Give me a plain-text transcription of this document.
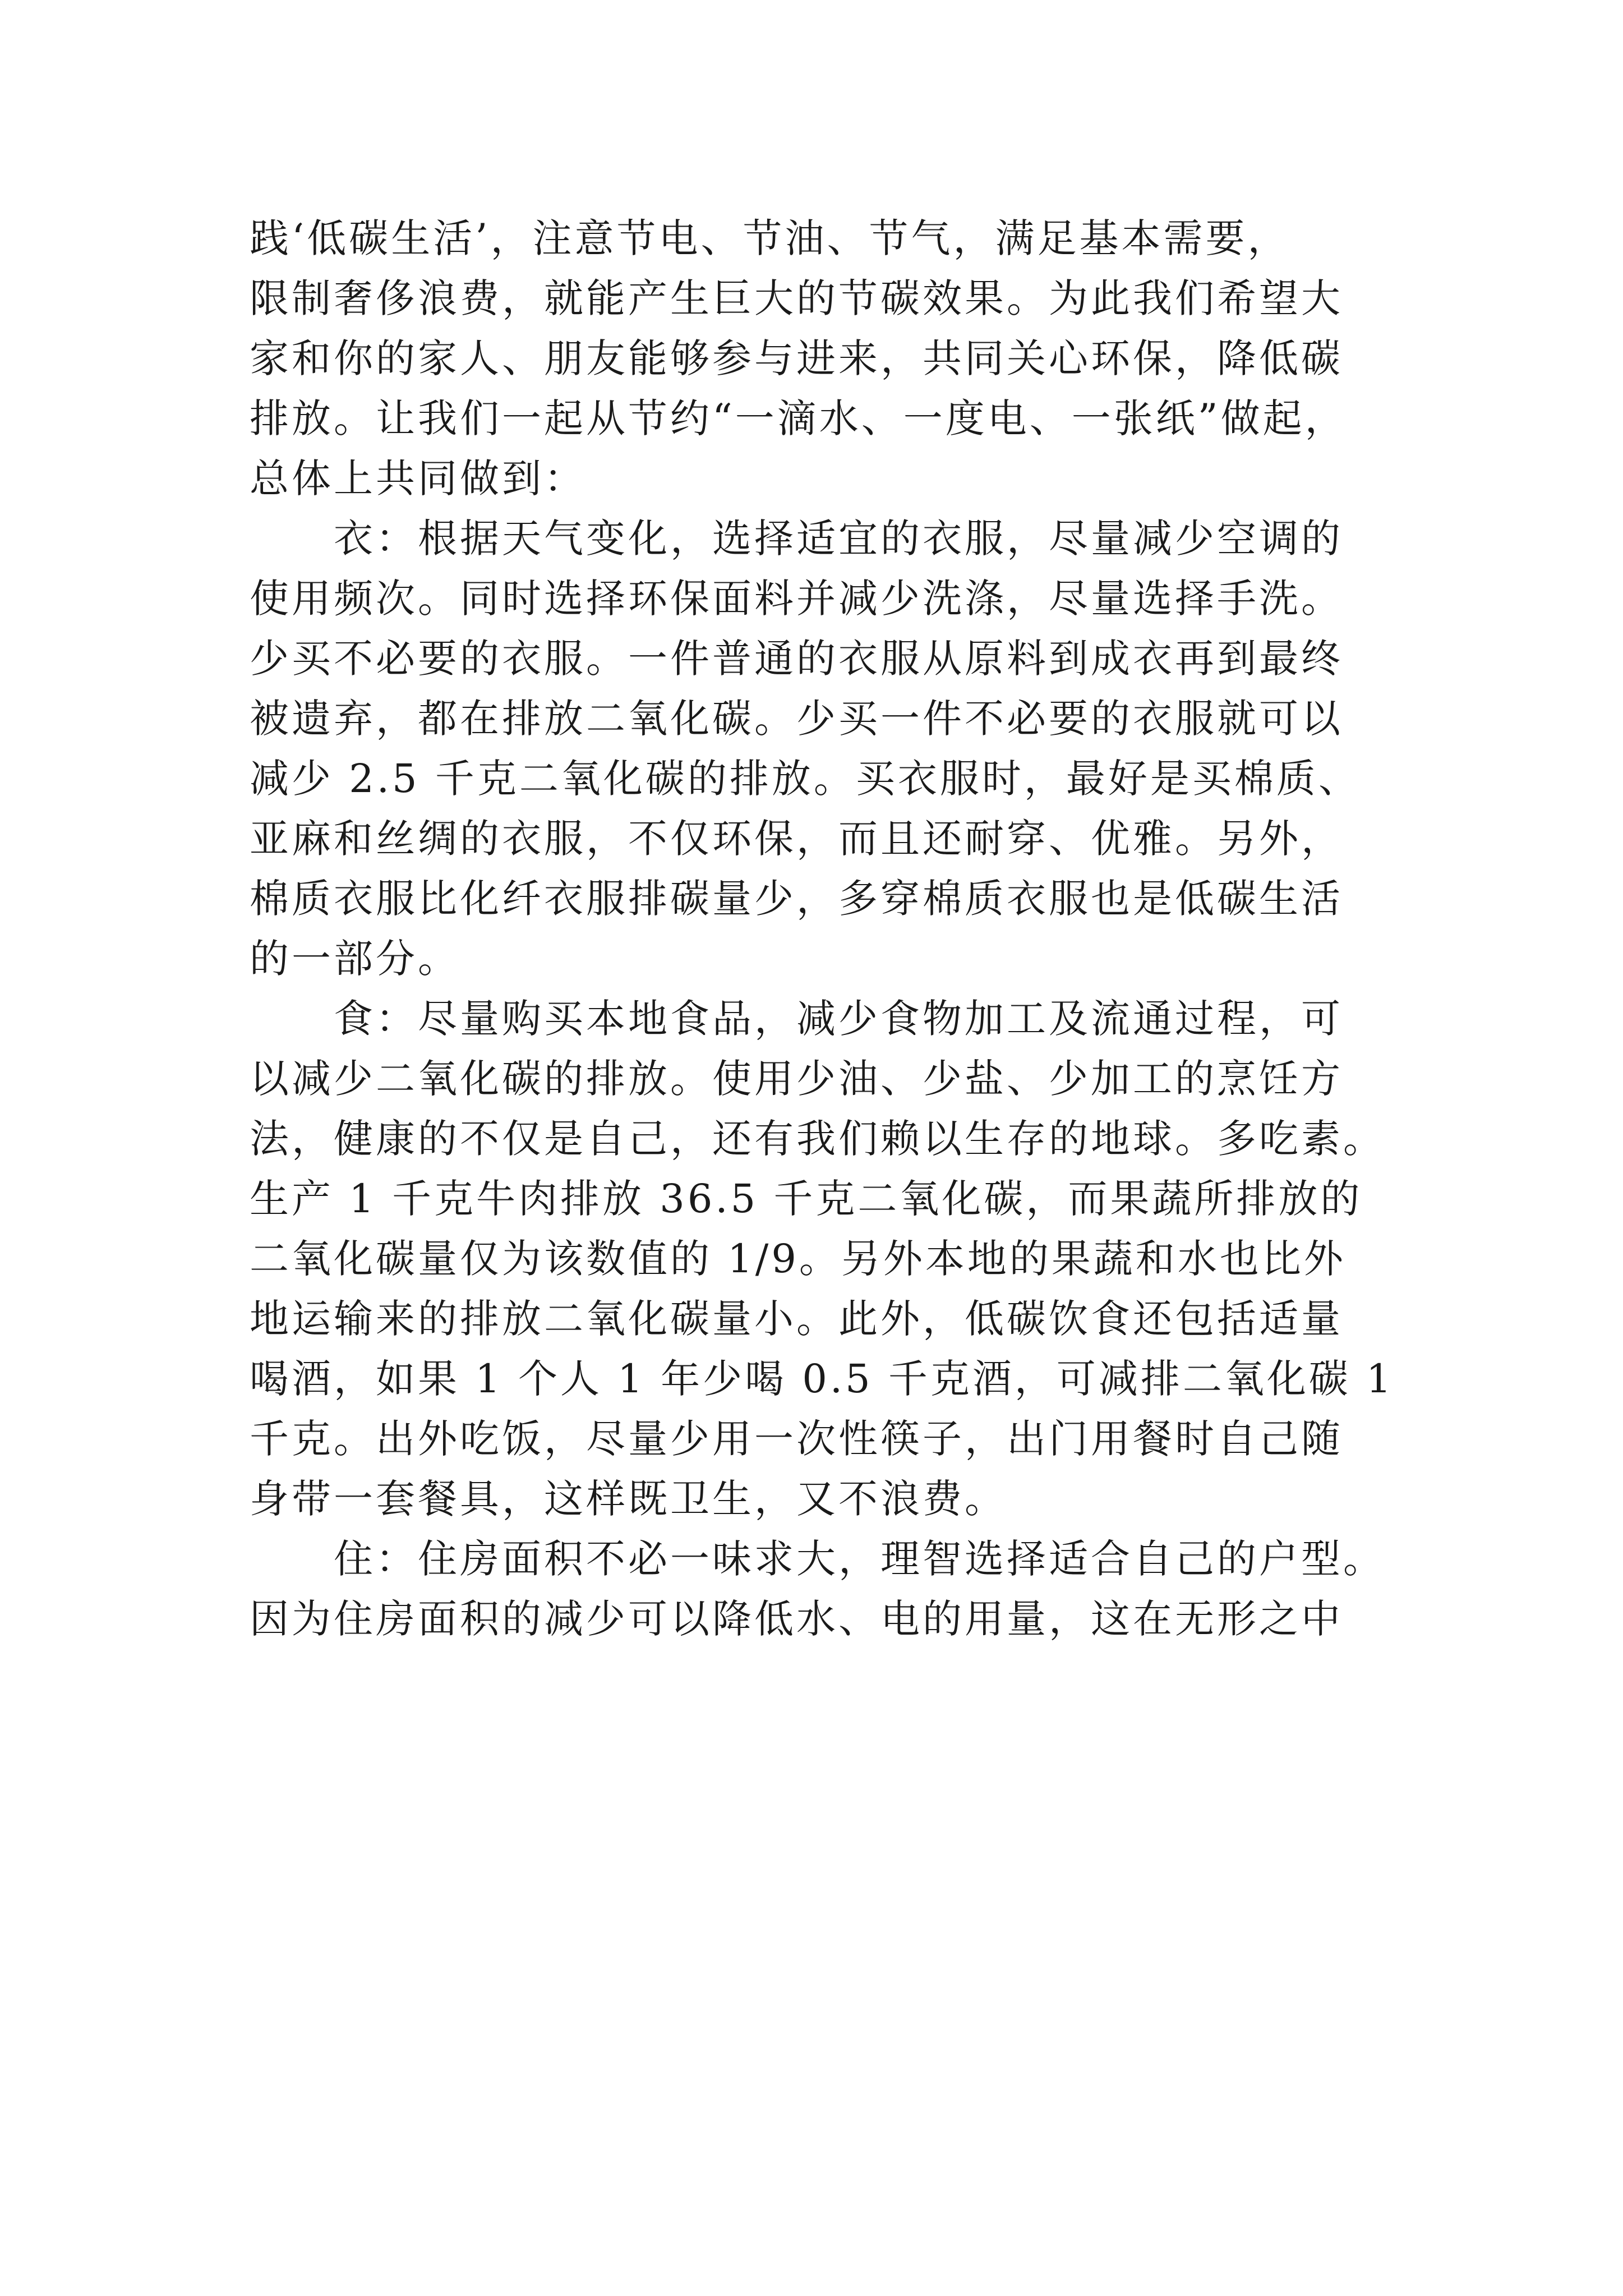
践‘低碳生活’，注意节电、节油、节气，满足基本需要，
限制奢侈浪费，就能产生巨大的节碳效果。为此我们希望大
家和你的家人、朋友能够参与进来，共同关心环保，降低碳
排放。让我们一起从节约“一滴水、一度电、一张纸”做起，
总体上共同做到：
　　衣：根据天气变化，选择适宜的衣服，尽量减少空调的
使用频次。同时选择环保面料并减少洗涤，尽量选择手洗。
少买不必要的衣服。一件普通的衣服从原料到成衣再到最终
被遗弃，都在排放二氧化碳。少买一件不必要的衣服就可以
减少 2.5 千克二氧化碳的排放。买衣服时，最好是买棉质、
亚麻和丝绸的衣服，不仅环保，而且还耐穿、优雅。另外，
棉质衣服比化纤衣服排碳量少，多穿棉质衣服也是低碳生活
的一部分。
　　食：尽量购买本地食品，减少食物加工及流通过程，可
以减少二氧化碳的排放。使用少油、少盐、少加工的烹饪方
法，健康的不仅是自己，还有我们赖以生存的地球。多吃素。
生产 1 千克牛肉排放 36.5 千克二氧化碳，而果蔬所排放的
二氧化碳量仅为该数值的 1/9。另外本地的果蔬和水也比外
地运输来的排放二氧化碳量小。此外，低碳饮食还包括适量
喝酒，如果 1 个人 1 年少喝 0.5 千克酒，可减排二氧化碳 1
千克。出外吃饭，尽量少用一次性筷子，出门用餐时自己随
身带一套餐具，这样既卫生，又不浪费。
　　住：住房面积不必一味求大，理智选择适合自己的户型。
因为住房面积的减少可以降低水、电的用量，这在无形之中
